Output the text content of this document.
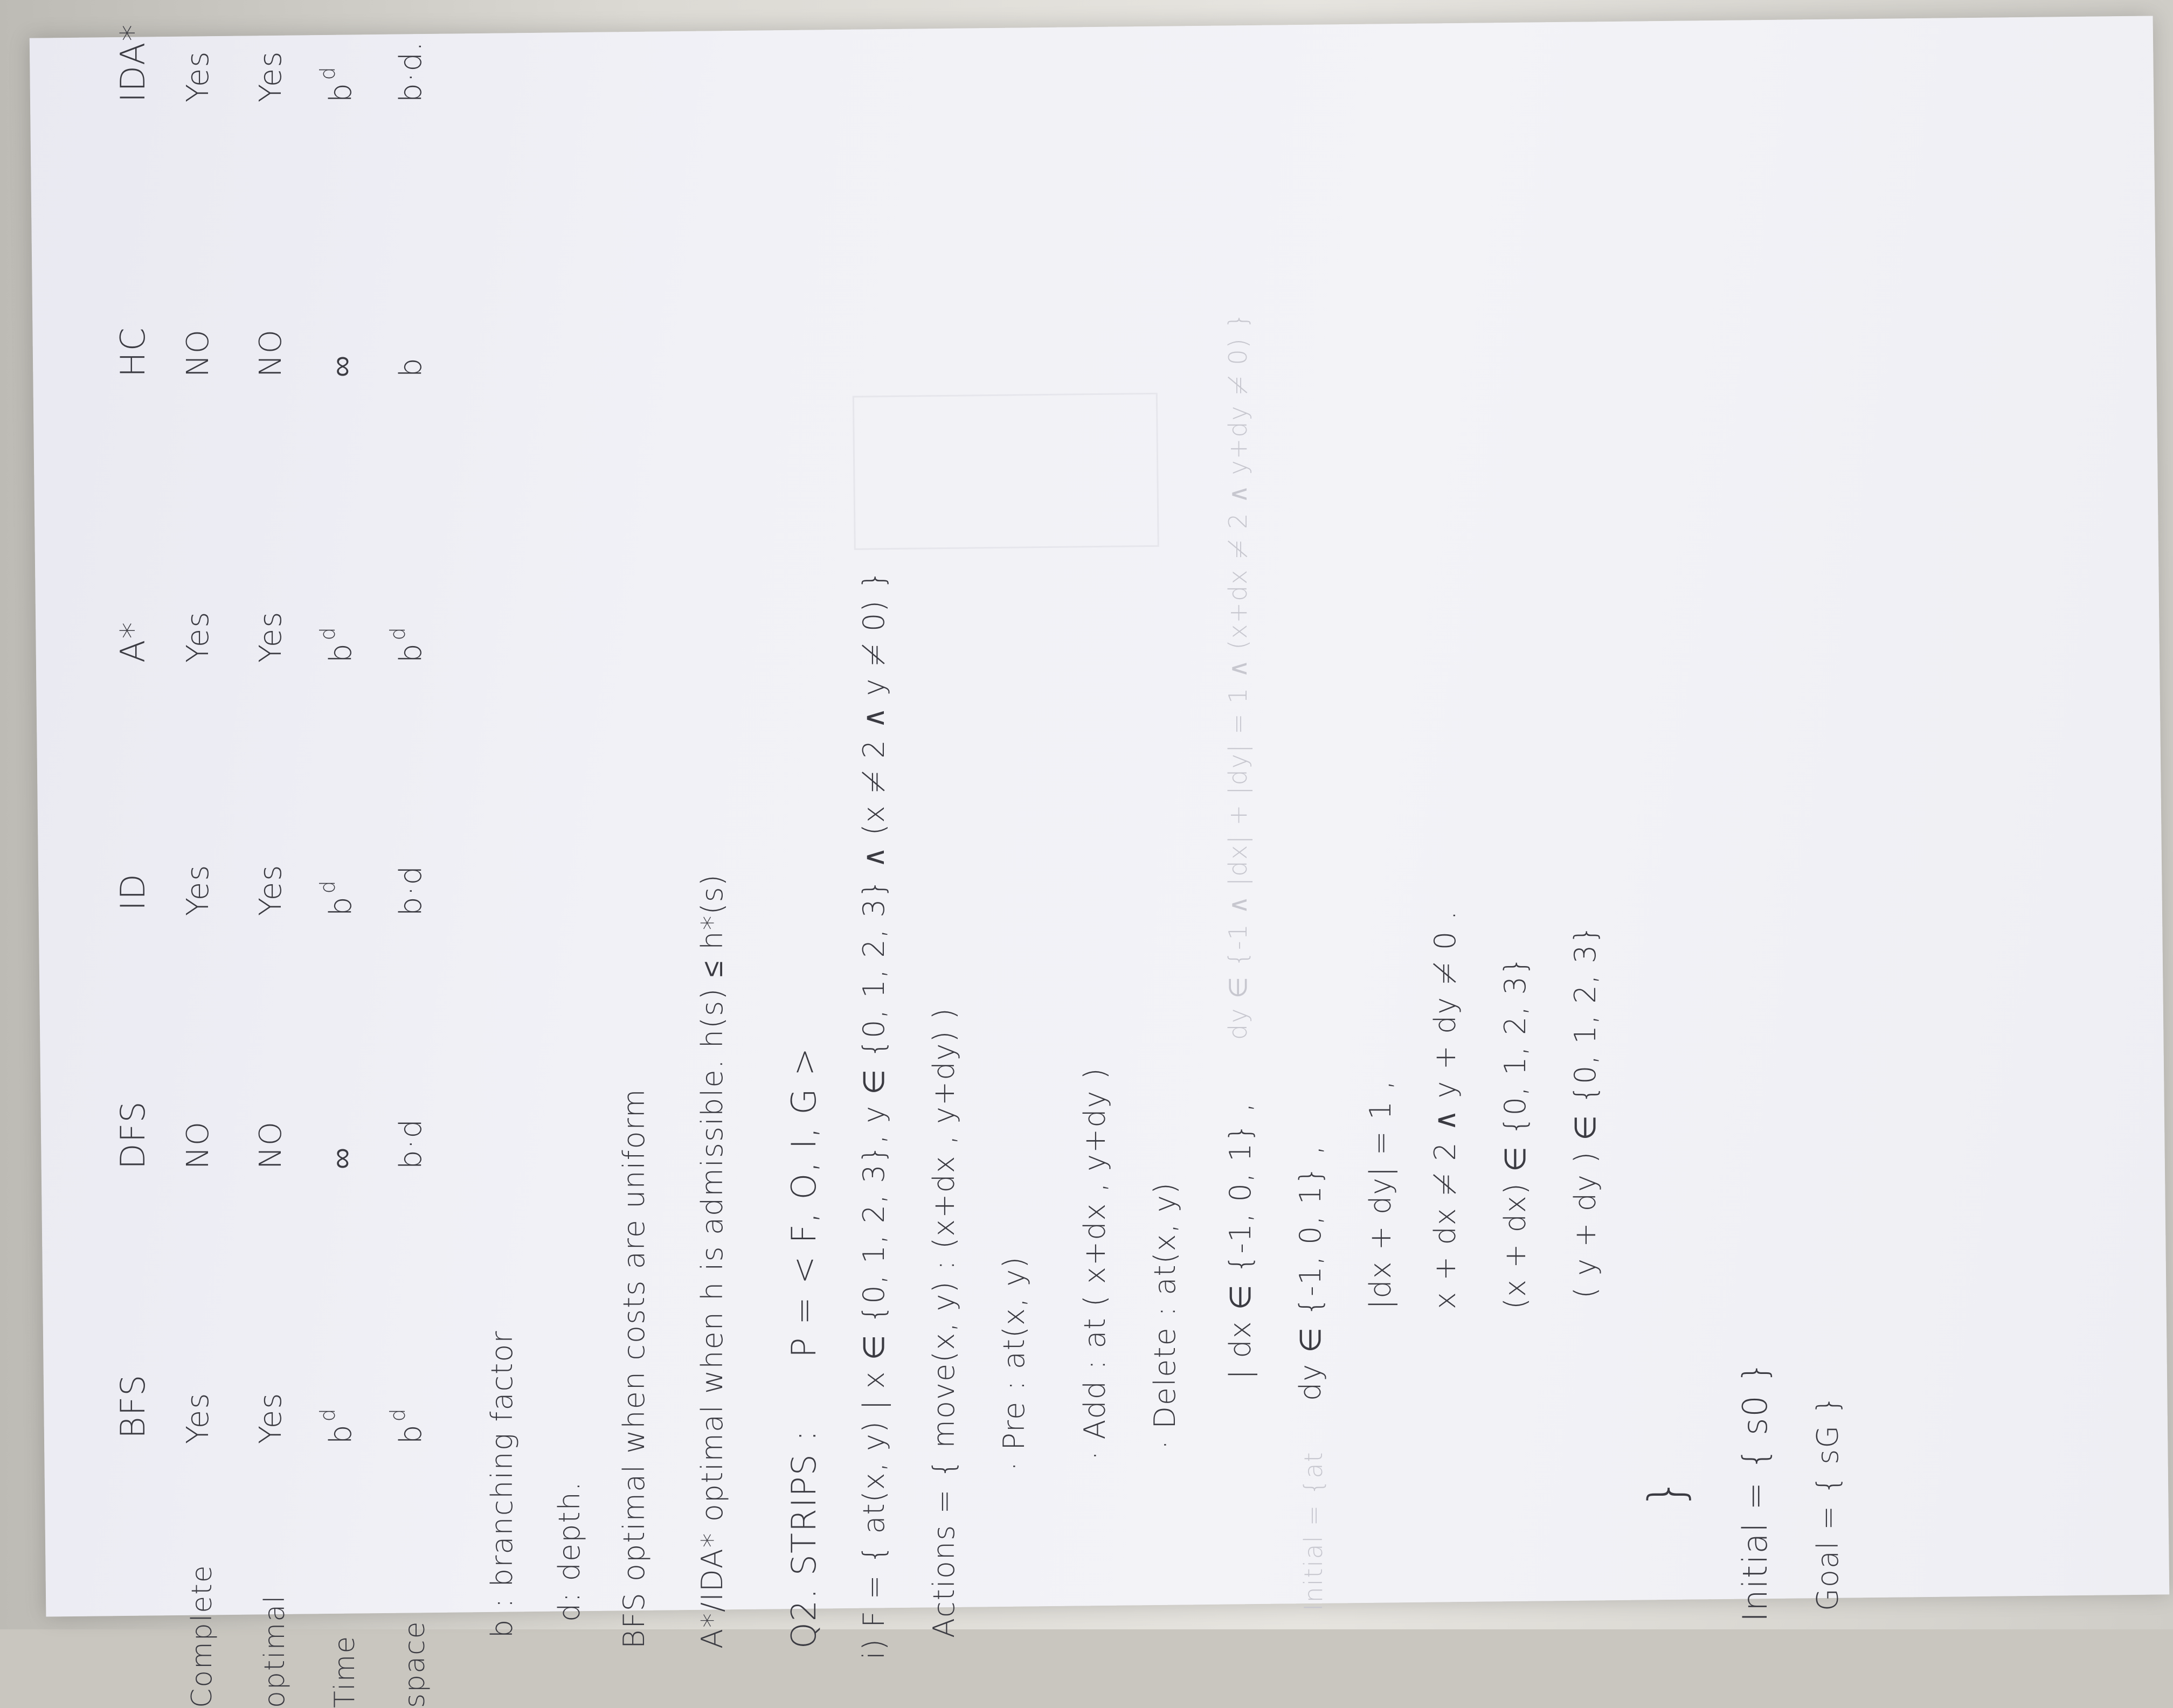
BFS
DFS
ID
A*
HC
IDA*
Complete
Yes
NO
Yes
Yes
NO
Yes
optimal
Yes
NO
Yes
Yes
NO
Yes
Time
$b^d$
∞
$b^d$
$b^d$
∞
$b^d$
space
$b^d$
b·d
b·d
$b^d$
b
b·d.
b : branching factor d: depth. BFS optimal when costs are uniform A*/IDA* optimal when h is admissible. h(s) ≤ h*(s) Q2. STRIPS :
P = < F, O, I, G > i) F = { at(x, y) | x ∈ {0, 1, 2, 3}, y ∈ {0, 1, 2, 3} ∧ (x ≠ 2 ∧ y ≠ 0) } Actions = { move(x, y) : (x+dx , y+dy) ) · Pre : at(x, y) · Add : at ( x+dx , y+dy ) · Delete : at(x, y) | dx ∈ {-1, 0, 1} ,
dy ∈ {-1 ∧ |dx| + |dy| = 1 ∧ (x+dx ≠ 2 ∧ y+dy ≠ 0) }
dy ∈ {-1, 0, 1} , |dx + dy| = 1 , x + dx ≠ 2 ∧ y + dy ≠ 0 . (x + dx) ∈ {0, 1, 2, 3} ( y + dy ) ∈ {0, 1, 2, 3}
}
Initial = {at	Initial = { s0 } Goal = { sG }
